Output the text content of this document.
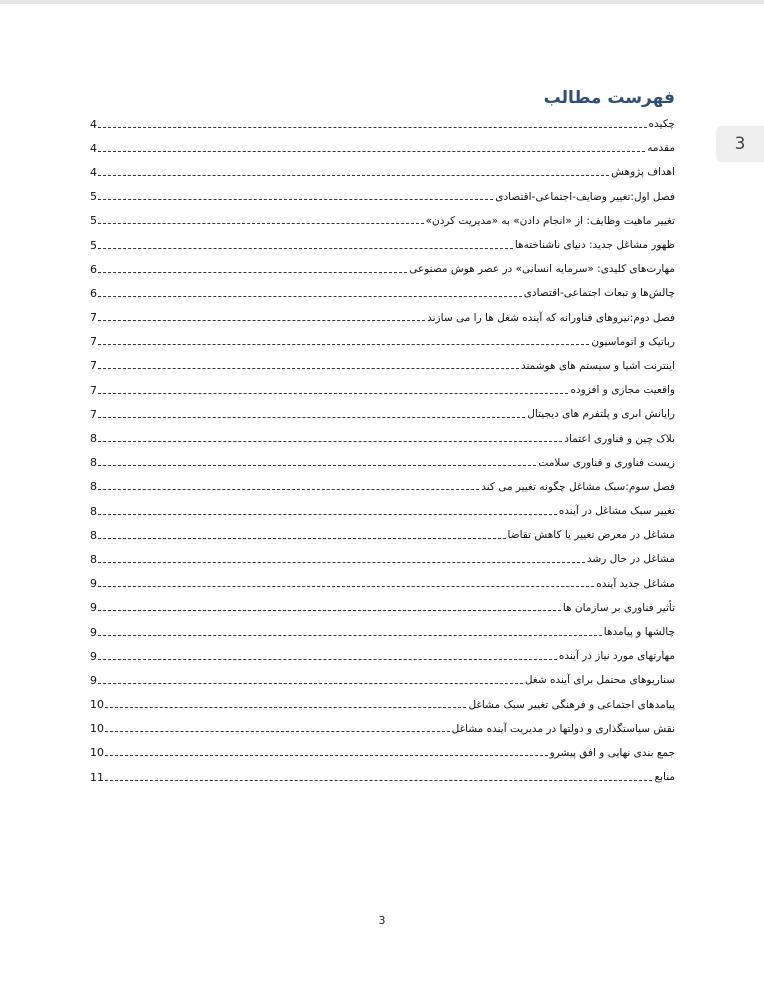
3
فهرست مطالب
چکیده
4
مقدمه
4
اهداف پژوهش
4
فصل اول:تغییر وضایف-اجتماعی-اقتصادی
5
تغییر ماهیت وظایف: از «انجام دادن» به «مدیریت کردن»
5
ظهور مشاغل جدید: دنیای ناشناخته‌ها
5
مهارت‌های کلیدی: «سرمایه انسانی» در عصر هوش مصنوعی
6
چالش‌ها و تبعات اجتماعی-اقتصادی
6
فصل دوم:نیروهای فناورانه که آینده شغل ها را می سازند
7
رباتیک و اتوماسیون
7
اینترنت اشیا و سیستم های هوشمند
7
واقعیت مجازی و افزوده
7
رایانش ابری و پلتفرم های دیجیتال
7
بلاک چین و فناوری اعتماد
8
زیست فناوری و فناوری سلامت
8
فصل سوم:سبک مشاغل چگونه تغییر می کند
8
تغییر سبک مشاغل در آینده
8
مشاغل در معرض تغییر یا کاهش تقاضا
8
مشاغل در حال رشد
8
مشاغل جدید آینده
9
تأثیر فناوری بر سازمان ها
9
چالشها و پیامدها
9
مهارتهای مورد نیاز در آینده
9
سناریوهای محتمل برای آینده شغل
9
پیامدهای اجتماعی و فرهنگی تغییر سبک مشاغل
10
نقش سیاستگذاری و دولتها در مدیریت آینده مشاغل
10
جمع بندی نهایی و افق پیشرو
10
منابع
11
3
